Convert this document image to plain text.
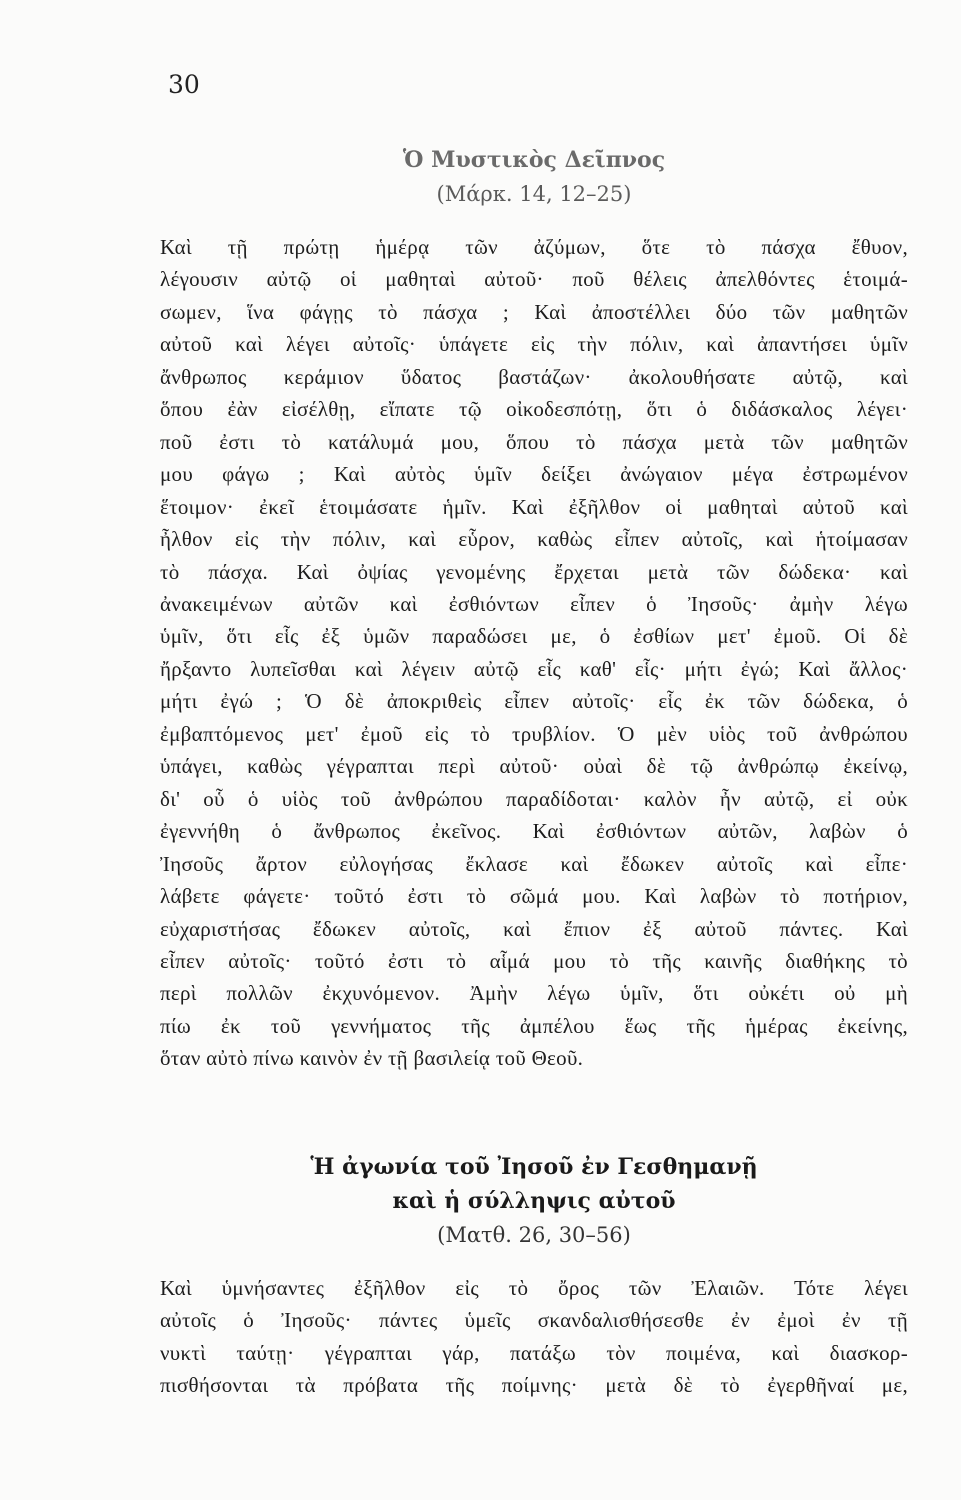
30

Ὁ Μυστικὸς Δεῖπνος

(Μάρκ. 14, 12–25)

Καὶ τῇ πρώτῃ ἡμέρᾳ τῶν ἀζύμων, ὅτε τὸ πάσχα ἔθυον,
λέγουσιν αὐτῷ οἱ μαθηταὶ αὐτοῦ· ποῦ θέλεις ἀπελθόντες ἑτοιμά-
σωμεν, ἵνα φάγῃς τὸ πάσχα ; Καὶ ἀποστέλλει δύο τῶν μαθητῶν
αὐτοῦ καὶ λέγει αὐτοῖς· ὑπάγετε εἰς τὴν πόλιν, καὶ ἀπαντήσει ὑμῖν
ἄνθρωπος κεράμιον ὕδατος βαστάζων· ἀκολουθήσατε αὐτῷ, καὶ
ὅπου ἐὰν εἰσέλθῃ, εἴπατε τῷ οἰκοδεσπότῃ, ὅτι ὁ διδάσκαλος λέγει·
ποῦ ἐστι τὸ κατάλυμά μου, ὅπου τὸ πάσχα μετὰ τῶν μαθητῶν
μου φάγω ; Καὶ αὐτὸς ὑμῖν δείξει ἀνώγαιον μέγα ἐστρωμένον
ἕτοιμον· ἐκεῖ ἑτοιμάσατε ἡμῖν. Καὶ ἐξῆλθον οἱ μαθηταὶ αὐτοῦ καὶ
ἦλθον εἰς τὴν πόλιν, καὶ εὗρον, καθὼς εἶπεν αὐτοῖς, καὶ ἡτοίμασαν
τὸ πάσχα. Καὶ ὀψίας γενομένης ἔρχεται μετὰ τῶν δώδεκα· καὶ
ἀνακειμένων αὐτῶν καὶ ἐσθιόντων εἶπεν ὁ Ἰησοῦς· ἀμὴν λέγω
ὑμῖν, ὅτι εἷς ἐξ ὑμῶν παραδώσει με, ὁ ἐσθίων μετ' ἐμοῦ. Οἱ δὲ
ἤρξαντο λυπεῖσθαι καὶ λέγειν αὐτῷ εἷς καθ' εἷς· μήτι ἐγώ; Καὶ ἄλλος·
μήτι ἐγώ ; Ὁ δὲ ἀποκριθεὶς εἶπεν αὐτοῖς· εἷς ἐκ τῶν δώδεκα, ὁ
ἐμβαπτόμενος μετ' ἐμοῦ εἰς τὸ τρυβλίον. Ὁ μὲν υἱὸς τοῦ ἀνθρώπου
ὑπάγει, καθὼς γέγραπται περὶ αὐτοῦ· οὐαὶ δὲ τῷ ἀνθρώπῳ ἐκείνῳ,
δι' οὗ ὁ υἱὸς τοῦ ἀνθρώπου παραδίδοται· καλὸν ἦν αὐτῷ, εἰ οὐκ
ἐγεννήθη ὁ ἄνθρωπος ἐκεῖνος. Καὶ ἐσθιόντων αὐτῶν, λαβὼν ὁ
Ἰησοῦς ἄρτον εὐλογήσας ἔκλασε καὶ ἔδωκεν αὐτοῖς καὶ εἶπε·
λάβετε φάγετε· τοῦτό ἐστι τὸ σῶμά μου. Καὶ λαβὼν τὸ ποτήριον,
εὐχαριστήσας ἔδωκεν αὐτοῖς, καὶ ἔπιον ἐξ αὐτοῦ πάντες. Καὶ
εἶπεν αὐτοῖς· τοῦτό ἐστι τὸ αἷμά μου τὸ τῆς καινῆς διαθήκης τὸ
περὶ πολλῶν ἐκχυνόμενον. Ἀμὴν λέγω ὑμῖν, ὅτι οὐκέτι οὐ μὴ
πίω ἐκ τοῦ γεννήματος τῆς ἀμπέλου ἕως τῆς ἡμέρας ἐκείνης,
ὅταν αὐτὸ πίνω καινὸν ἐν τῇ βασιλείᾳ τοῦ Θεοῦ.

Ἡ ἀγωνία τοῦ Ἰησοῦ ἐν Γεσθημανῇ

καὶ ἡ σύλληψις αὐτοῦ

(Ματθ. 26, 30–56)

Καὶ ὑμνήσαντες ἐξῆλθον εἰς τὸ ὄρος τῶν Ἐλαιῶν. Τότε λέγει
αὐτοῖς ὁ Ἰησοῦς· πάντες ὑμεῖς σκανδαλισθήσεσθε ἐν ἐμοὶ ἐν τῇ
νυκτὶ ταύτῃ· γέγραπται γάρ, πατάξω τὸν ποιμένα, καὶ διασκορ-
πισθήσονται τὰ πρόβατα τῆς ποίμνης· μετὰ δὲ τὸ ἐγερθῆναί με,
